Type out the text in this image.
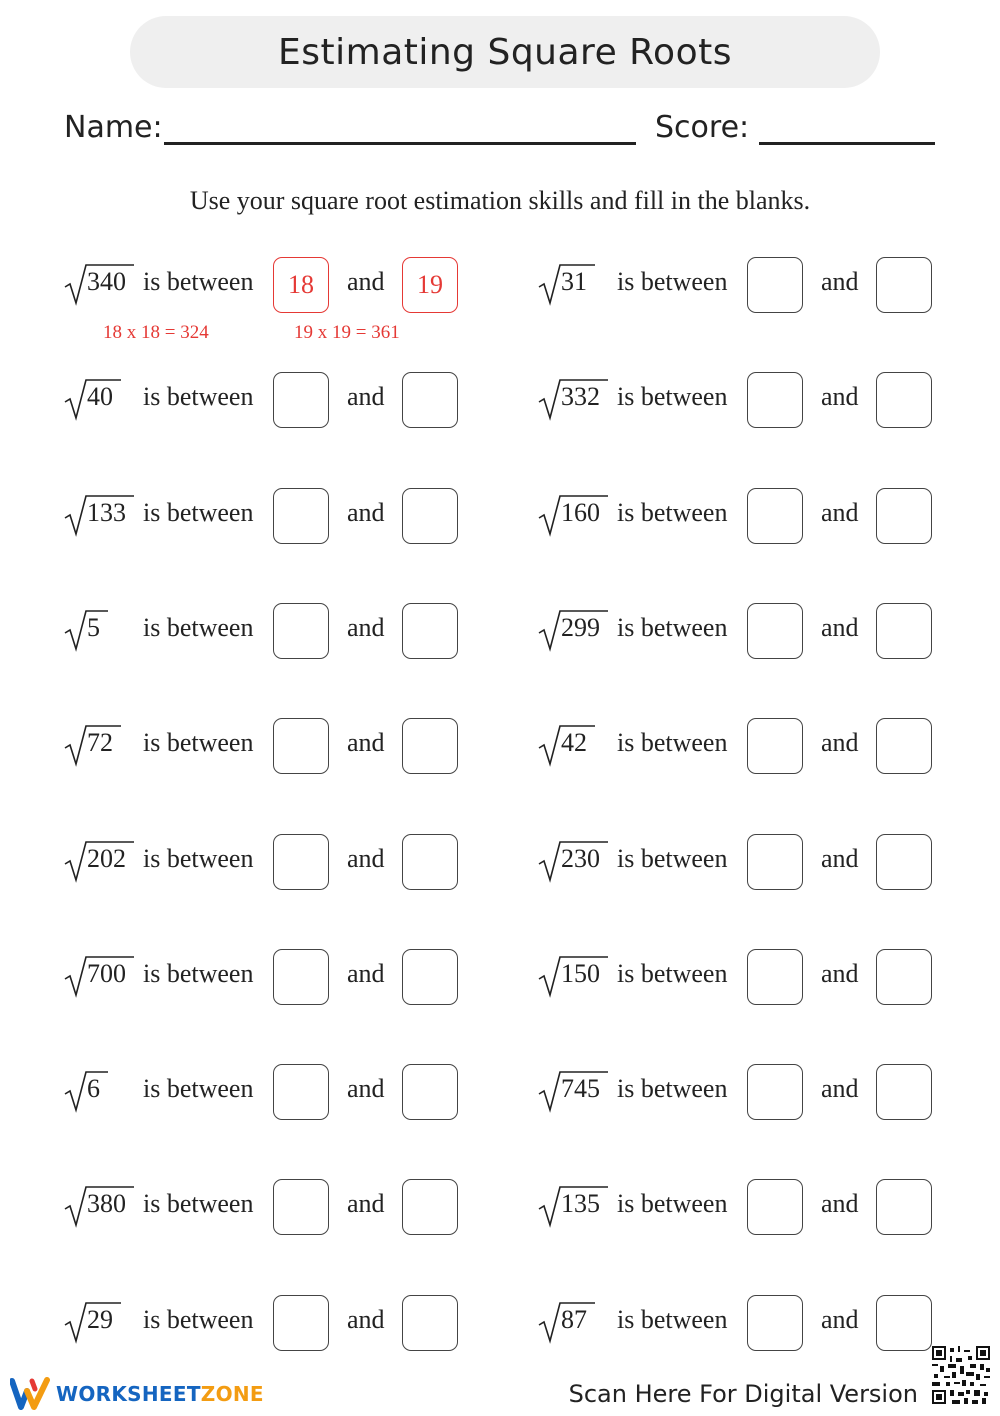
Estimating Square Roots
Name:	Score:
Use your square root estimation skills and fill in the blanks.
340 is between	18	and	19
18 x 18 = 324	19 x 19 = 361
40 is between	and
133 is between	and
5 is between	and
72 is between	and
202 is between	and
700 is between	and
6 is between	and
380 is between	and
29 is between	and
31 is between	and
332 is between	and
160 is between	and
299 is between	and
42 is between	and
230 is between	and
150 is between	and
745 is between	and
135 is between	and
87 is between	and
WORKSHEETZONE	Scan Here For Digital Version
